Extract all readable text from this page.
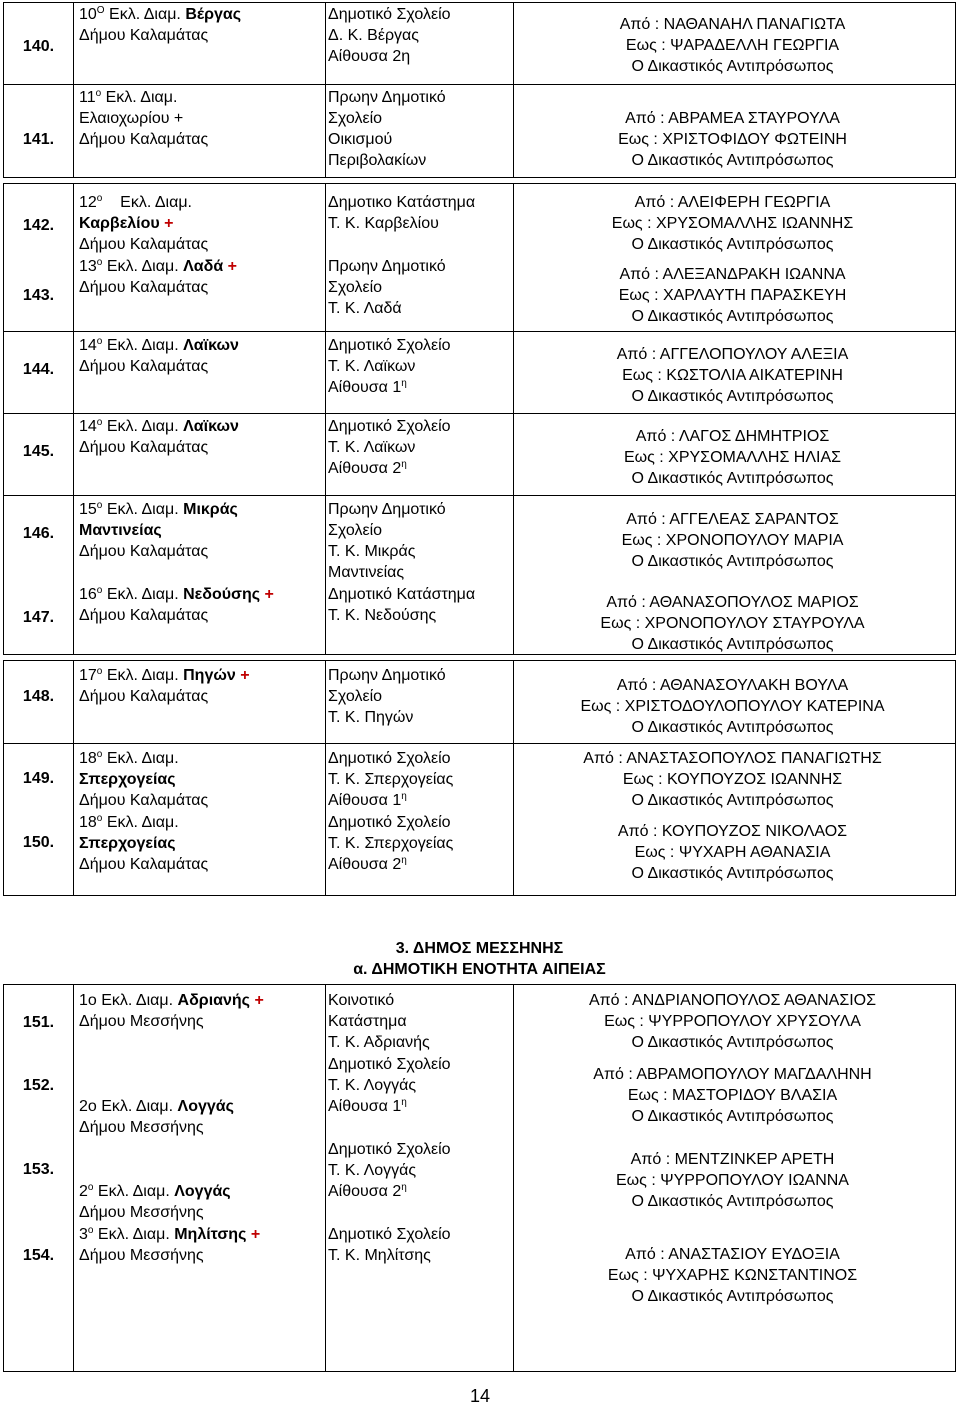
140.
141.
142.
143.
144.
145.
146.
147.
148.
149.
150.
151.
152.
153.
154.
$10^O$ Εκλ. Διαμ. Βέργας
Δήμου Καλαμάτας
Δημοτικό Σχολείο
Δ. Κ. Βέργας
Αίθουσα 2η
Από : ΝΑΘΑΝΑΗΛ ΠΑΝΑΓΙΩΤΑ
Εως : ΨΑΡΑΔΕΛΛΗ ΓΕΩΡΓΙΑ
Ο Δικαστικός Αντιπρόσωπος
$11^o$ Εκλ. Διαμ.
Ελαιοχωρίου +
Δήμου Καλαμάτας
Πρωην Δημοτικό
Σχολείο
Οικισμού
Περιβολακίων
Από : ΑΒΡΑΜΕΑ ΣΤΑΥΡΟΥΛΑ
Εως : ΧΡΙΣΤΟΦΙΔΟΥ ΦΩΤΕΙΝΗ
Ο Δικαστικός Αντιπρόσωπος
$12^o$ Εκλ. Διαμ.
Καρβελίου +
Δήμου Καλαμάτας
Δημοτικο Κατάστημα
Τ. Κ. Καρβελίου
Από : ΑΛΕΙΦΕΡΗ ΓΕΩΡΓΙΑ
Εως : ΧΡΥΣΟΜΑΛΛΗΣ ΙΩΑΝΝΗΣ
Ο Δικαστικός Αντιπρόσωπος
$13^o$ Εκλ. Διαμ. Λαδά +
Δήμου Καλαμάτας
Πρωην Δημοτικό
Σχολείο
Τ. Κ. Λαδά
Από : ΑΛΕΞΑΝΔΡΑΚΗ ΙΩΑΝΝΑ
Εως : ΧΑΡΛΑΥΤΗ ΠΑΡΑΣΚΕΥΗ
Ο Δικαστικός Αντιπρόσωπος
$14^o$ Εκλ. Διαμ. Λαϊκων
Δήμου Καλαμάτας
Δημοτικό Σχολείο
Τ. Κ. Λαϊκων
Αίθουσα $1^\eta$
Από : ΑΓΓΕΛΟΠΟΥΛΟΥ ΑΛΕΞΙΑ
Εως : ΚΩΣΤΟΛΙΑ ΑΙΚΑΤΕΡΙΝΗ
Ο Δικαστικός Αντιπρόσωπος
$14^o$ Εκλ. Διαμ. Λαϊκων
Δήμου Καλαμάτας
Δημοτικό Σχολείο
Τ. Κ. Λαϊκων
Αίθουσα $2^\eta$
Από : ΛΑΓΟΣ ΔΗΜΗΤΡΙΟΣ
Εως : ΧΡΥΣΟΜΑΛΛΗΣ ΗΛΙΑΣ
Ο Δικαστικός Αντιπρόσωπος
$15^o$ Εκλ. Διαμ. Μικράς
Μαντινείας
Δήμου Καλαμάτας
Πρωην Δημοτικό
Σχολείο
Τ. Κ. Μικράς
Μαντινείας
Από : ΑΓΓΕΛΕΑΣ ΣΑΡΑΝΤΟΣ
Εως : ΧΡΟΝΟΠΟΥΛΟΥ ΜΑΡΙΑ
Ο Δικαστικός Αντιπρόσωπος
$16^o$ Εκλ. Διαμ. Νεδούσης +
Δήμου Καλαμάτας
Δημοτικό Κατάστημα
Τ. Κ. Νεδούσης
Από : ΑΘΑΝΑΣΟΠΟΥΛΟΣ ΜΑΡΙΟΣ
Εως : ΧΡΟΝΟΠΟΥΛΟΥ ΣΤΑΥΡΟΥΛΑ
Ο Δικαστικός Αντιπρόσωπος
$17^o$ Εκλ. Διαμ. Πηγών +
Δήμου Καλαμάτας
Πρωην Δημοτικό
Σχολείο
Τ. Κ. Πηγών
Από : ΑΘΑΝΑΣΟΥΛΑΚΗ ΒΟΥΛΑ
Εως : ΧΡΙΣΤΟΔΟΥΛΟΠΟΥΛΟΥ ΚΑΤΕΡΙΝΑ
Ο Δικαστικός Αντιπρόσωπος
$18^o$ Εκλ. Διαμ.
Σπερχογείας
Δήμου Καλαμάτας
Δημοτικό Σχολείο
Τ. Κ. Σπερχογείας
Αίθουσα $1^\eta$
Από : ΑΝΑΣΤΑΣΟΠΟΥΛΟΣ ΠΑΝΑΓΙΩΤΗΣ
Εως : ΚΟΥΠΟΥΖΟΣ ΙΩΑΝΝΗΣ
Ο Δικαστικός Αντιπρόσωπος
$18^o$ Εκλ. Διαμ.
Σπερχογείας
Δήμου Καλαμάτας
Δημοτικό Σχολείο
Τ. Κ. Σπερχογείας
Αίθουσα $2^\eta$
Από : ΚΟΥΠΟΥΖΟΣ ΝΙΚΟΛΑΟΣ
Εως : ΨΥΧΑΡΗ ΑΘΑΝΑΣΙΑ
Ο Δικαστικός Αντιπρόσωπος
3. ΔΗΜΟΣ ΜΕΣΣΗΝΗΣ
α. ΔΗΜΟΤΙΚΗ ΕΝΟΤΗΤΑ ΑΙΠΕΙΑΣ
1ο Εκλ. Διαμ. Αδριανής +
Δήμου Μεσσήνης
Κοινοτικό
Κατάστημα
Τ. Κ. Αδριανής
Από : ΑΝΔΡΙΑΝΟΠΟΥΛΟΣ ΑΘΑΝΑΣΙΟΣ
Εως : ΨΥΡΡΟΠΟΥΛΟΥ ΧΡΥΣΟΥΛΑ
Ο Δικαστικός Αντιπρόσωπος
2ο Εκλ. Διαμ. Λογγάς
Δήμου Μεσσήνης
Δημοτικό Σχολείο
Τ. Κ. Λογγάς
Αίθουσα $1^\eta$
Από : ΑΒΡΑΜΟΠΟΥΛΟΥ ΜΑΓΔΑΛΗΝΗ
Εως : ΜΑΣΤΟΡΙΔΟΥ ΒΛΑΣΙΑ
Ο Δικαστικός Αντιπρόσωπος
$2^o$ Εκλ. Διαμ. Λογγάς
Δήμου Μεσσήνης
Δημοτικό Σχολείο
Τ. Κ. Λογγάς
Αίθουσα $2^\eta$
Από : ΜΕΝΤΖΙΝΚΕΡ ΑΡΕΤΗ
Εως : ΨΥΡΡΟΠΟΥΛΟΥ ΙΩΑΝΝΑ
Ο Δικαστικός Αντιπρόσωπος
$3^o$ Εκλ. Διαμ. Μηλίτσης +
Δήμου Μεσσήνης
Δημοτικό Σχολείο
Τ. Κ. Μηλίτσης	Από : ΑΝΑΣΤΑΣΙΟΥ ΕΥΔΟΞΙΑ
Εως : ΨΥΧΑΡΗΣ ΚΩΝΣΤΑΝΤΙΝΟΣ
Ο Δικαστικός Αντιπρόσωπος
14
